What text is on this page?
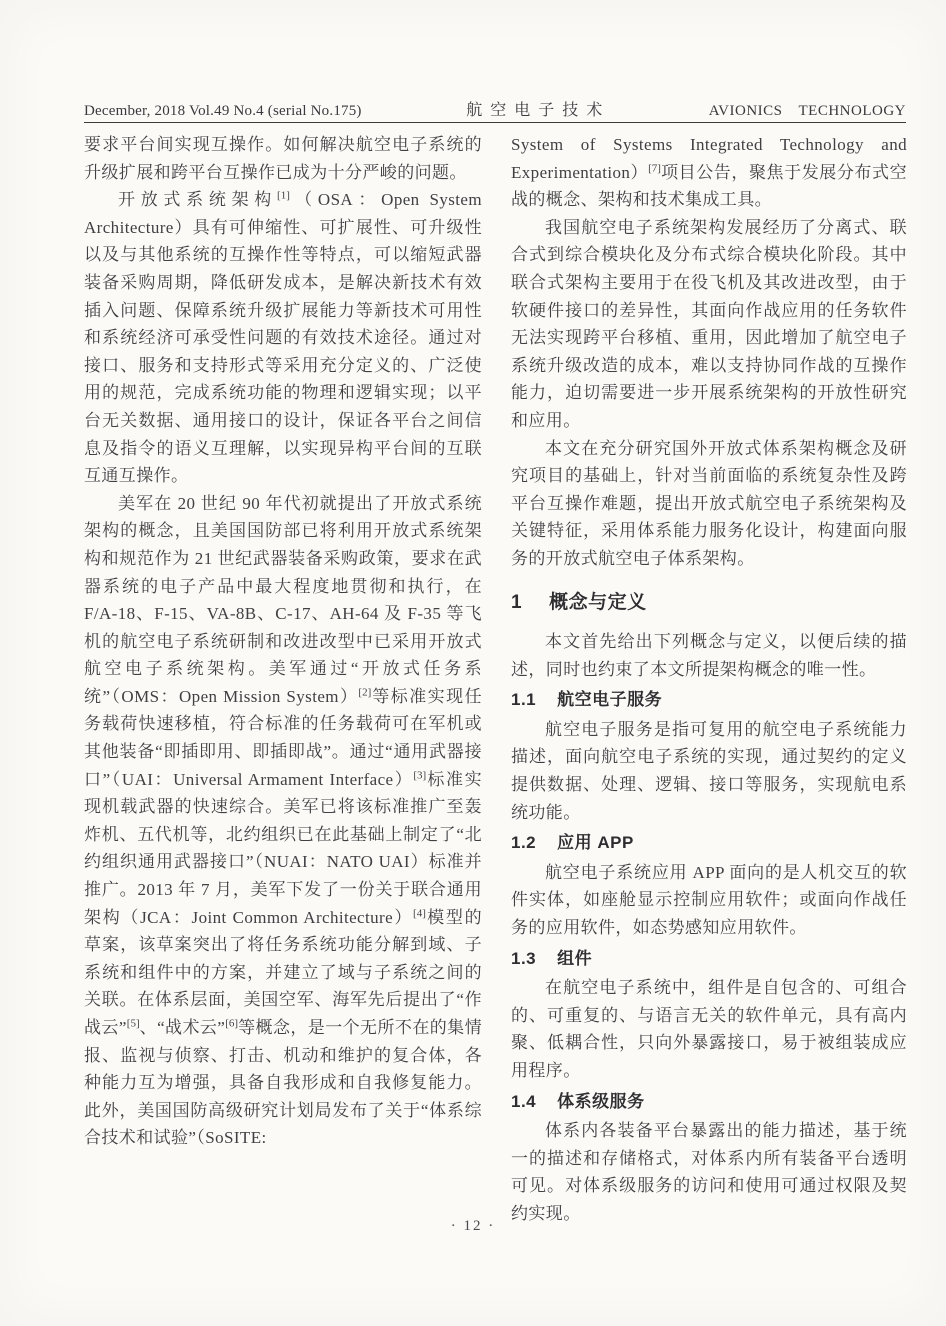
December, 2018 Vol.49 No.4 (serial No.175)	航 空 电 子 技 术	AVIONICS TECHNOLOGY

要求平台间实现互操作。如何解决航空电子系统的升级扩展和跨平台互操作已成为十分严峻的问题。

开放式系统架构[1]（OSA：Open System Architecture）具有可伸缩性、可扩展性、可升级性以及与其他系统的互操作性等特点，可以缩短武器装备采购周期，降低研发成本，是解决新技术有效插入问题、保障系统升级扩展能力等新技术可用性和系统经济可承受性问题的有效技术途径。通过对接口、服务和支持形式等采用充分定义的、广泛使用的规范，完成系统功能的物理和逻辑实现；以平台无关数据、通用接口的设计，保证各平台之间信息及指令的语义互理解，以实现异构平台间的互联互通互操作。

美军在 20 世纪 90 年代初就提出了开放式系统架构的概念，且美国国防部已将利用开放式系统架构和规范作为 21 世纪武器装备采购政策，要求在武器系统的电子产品中最大程度地贯彻和执行，在 F/A-18、F-15、VA-8B、C-17、AH-64 及 F-35 等飞机的航空电子系统研制和改进改型中已采用开放式航空电子系统架构。美军通过“开放式任务系统”（OMS：Open Mission System）[2]等标准实现任务载荷快速移植，符合标准的任务载荷可在军机或其他装备“即插即用、即插即战”。通过“通用武器接口”（UAI：Universal Armament Interface）[3]标准实现机载武器的快速综合。美军已将该标准推广至轰炸机、五代机等，北约组织已在此基础上制定了“北约组织通用武器接口”（NUAI：NATO UAI）标准并推广。2013 年 7 月，美军下发了一份关于联合通用架构（JCA：Joint Common Architecture）[4]模型的草案，该草案突出了将任务系统功能分解到域、子系统和组件中的方案，并建立了域与子系统之间的关联。在体系层面，美国空军、海军先后提出了“作战云”[5]、“战术云”[6]等概念，是一个无所不在的集情报、监视与侦察、打击、机动和维护的复合体，各种能力互为增强，具备自我形成和自我修复能力。此外，美国国防高级研究计划局发布了关于“体系综合技术和试验”（SoSITE:

System of Systems Integrated Technology and Experimentation）[7]项目公告，聚焦于发展分布式空战的概念、架构和技术集成工具。

我国航空电子系统架构发展经历了分离式、联合式到综合模块化及分布式综合模块化阶段。其中联合式架构主要用于在役飞机及其改进改型，由于软硬件接口的差异性，其面向作战应用的任务软件无法实现跨平台移植、重用，因此增加了航空电子系统升级改造的成本，难以支持协同作战的互操作能力，迫切需要进一步开展系统架构的开放性研究和应用。

本文在充分研究国外开放式体系架构概念及研究项目的基础上，针对当前面临的系统复杂性及跨平台互操作难题，提出开放式航空电子系统架构及关键特征，采用体系能力服务化设计，构建面向服务的开放式航空电子体系架构。

1 概念与定义

本文首先给出下列概念与定义，以便后续的描述，同时也约束了本文所提架构概念的唯一性。

1.1 航空电子服务

航空电子服务是指可复用的航空电子系统能力描述，面向航空电子系统的实现，通过契约的定义提供数据、处理、逻辑、接口等服务，实现航电系统功能。

1.2 应用 APP

航空电子系统应用 APP 面向的是人机交互的软件实体，如座舱显示控制应用软件；或面向作战任务的应用软件，如态势感知应用软件。

1.3 组件

在航空电子系统中，组件是自包含的、可组合的、可重复的、与语言无关的软件单元，具有高内聚、低耦合性，只向外暴露接口，易于被组装成应用程序。

1.4 体系级服务

体系内各装备平台暴露出的能力描述，基于统一的描述和存储格式，对体系内所有装备平台透明可见。对体系级服务的访问和使用可通过权限及契约实现。

· 12 ·
